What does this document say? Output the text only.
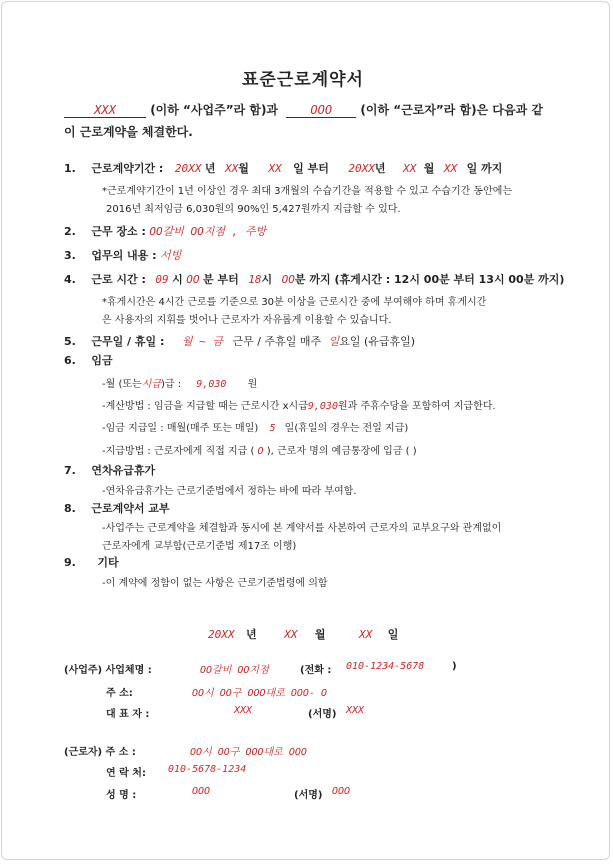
표준근로계약서
XXX	(이하 “사업주”라 함)과	OOO (이하 “근로자”라 함)은 다음과 같
이 근로계약을 체결한다.
1. 근로계약기간 : 20XX 년 XX월 XX 일 부터 20XX년 XX 월 XX 일 까지
*근로계약기간이 1년 이상인 경우 최대 3개월의 수습기간을 적용할 수 있고 수습기간 동안에는
2016년 최저임금 6,030원의 90%인 5,427원까지 지급할 수 있다.
2. 근무 장소 : OO갈비 OO지점 , 주방
3. 업무의 내용 : 서빙
4. 근로 시간 : 09 시 OO 분 부터 18시 OO분 까지 (휴게시간 : 12시 00분 부터 13시 00분 까지)
*휴게시간은 4시간 근로를 기준으로 30분 이상을 근로시간 중에 부여해야 하며 휴게시간
은 사용자의 지휘를 벗어나 근로자가 자유롭게 이용할 수 있습니다.
5. 근무일 / 휴일 : 월 ~ 금 근무 / 주휴일 매주 일요일 (유급휴일)
6. 임금
-월 (또는시급)급 : 9,030 원
-계산방법 : 임금을 지급할 때는 근로시간 x시급9,030원과 주휴수당을 포함하여 지급한다.
-임금 지급일 : 매월(매주 또는 매일) 5 일(휴일의 경우는 전일 지급)
-지급방법 : 근로자에게 직접 지급 ( O ), 근로자 명의 예금통장에 입금 ( )
7. 연차유급휴가
-연차유급휴가는 근로기준법에서 정하는 바에 따라 부여함.
8. 근로계약서 교부
-사업주는 근로계약을 체결함과 동시에 본 계약서를 사본하여 근로자의 교부요구와 관계없이
근로자에게 교부함(근로기준법 제17조 이행)
9. 기타
-이 계약에 정함이 없는 사항은 근로기준법령에 의함
20XX 년	XX 월	XX 일
(사업주) 사업체명 :	OO갈비 OO지점	(전화 : 010-1234-5678	)
주 소:	OO시 OO구 OOO대로 OOO- O
대 표 자 :	XXX	(서명) XXX
(근로자) 주 소 :	OO시 OO구 OOO대로 OOO
연 락 처: 010-5678-1234
성 명 :	OOO	(서명) OOO
